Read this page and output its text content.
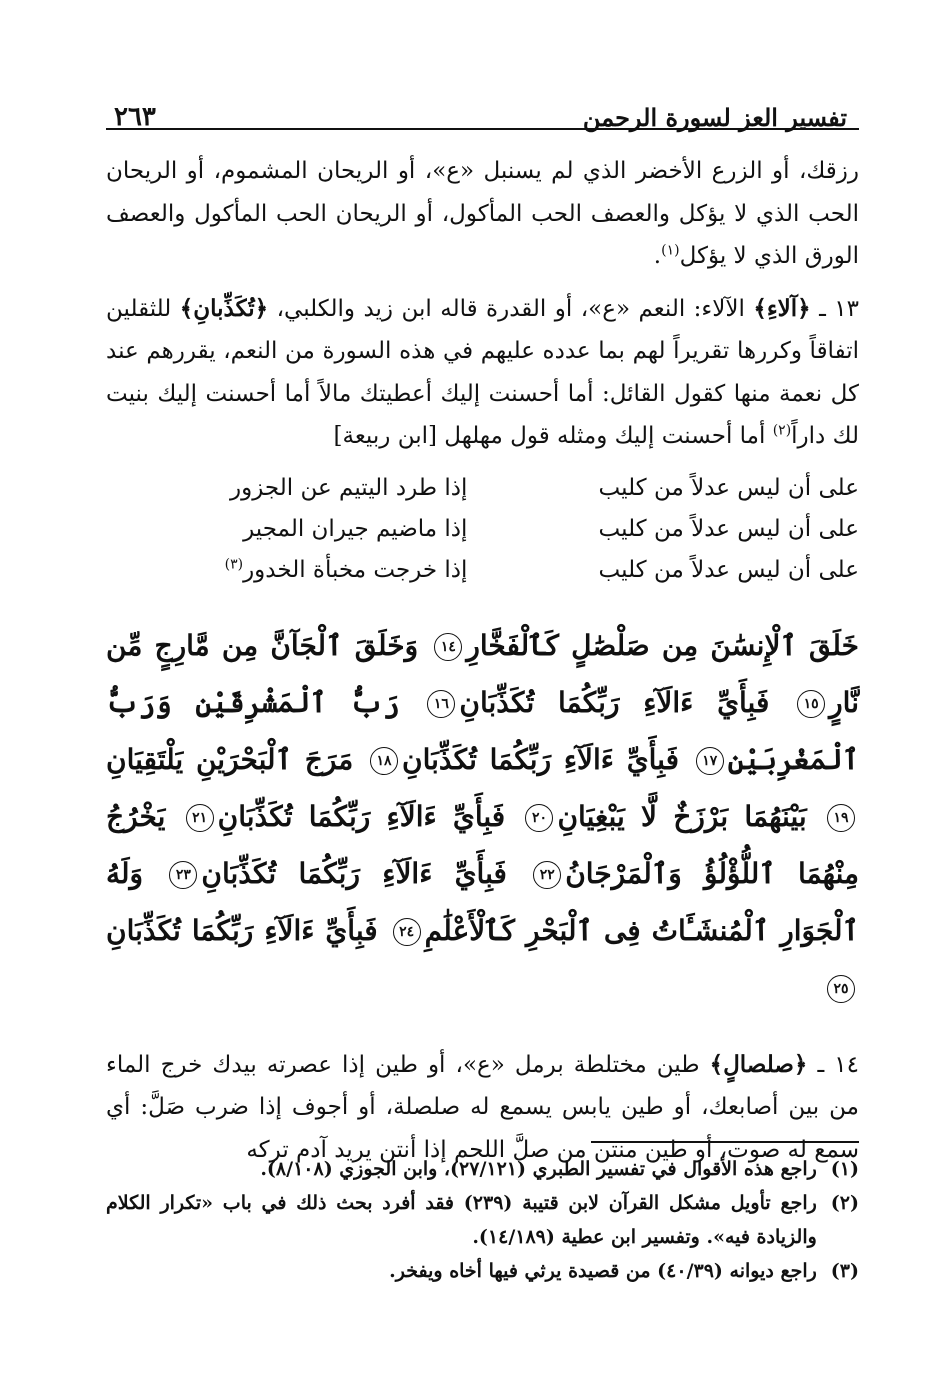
٢٦٣	تفسير العز لسورة الرحمن

رزقك، أو الزرع الأخضر الذي لم يسنبل «ع»، أو الريحان المشموم، أو الريحان الحب الذي لا يؤكل والعصف الحب المأكول، أو الريحان الحب المأكول والعصف الورق الذي لا يؤكل$^{(١)}$.

١٣ ـ ﴿آلاءِ﴾ الآلاء: النعم «ع»، أو القدرة قاله ابن زيد والكلبي، ﴿تُكَذِّبانِ﴾ للثقلين اتفاقاً وكررها تقريراً لهم بما عدده عليهم في هذه السورة من النعم، يقررهم عند كل نعمة منها كقول القائل: أما أحسنت إليك أعطيتك مالاً أما أحسنت إليك بنيت لك داراً$^{(٢)}$ أما أحسنت إليك ومثله قول مهلهل [ابن ربيعة]

على أن ليس عدلاً من كليب
إذا طرد اليتيم عن الجزور
على أن ليس عدلاً من كليب
إذا ماضيم جيران المجير
على أن ليس عدلاً من كليب
إذا خرجت مخبأة الخدور$^{(٣)}$

خَلَقَ ٱلْإِنسَٰنَ مِن صَلْصَٰلٍ كَٱلْفَخَّارِ١٤ وَخَلَقَ ٱلْجَآنَّ مِن مَّارِجٍ مِّن نَّارٍ١٥ فَبِأَيِّ ءَالَآءِ رَبِّكُمَا تُكَذِّبَانِ١٦ رَبُّ ٱلْمَشْرِقَيْنِ وَرَبُّ ٱلْمَغْرِبَيْنِ١٧ فَبِأَيِّ ءَالَآءِ رَبِّكُمَا تُكَذِّبَانِ١٨ مَرَجَ ٱلْبَحْرَيْنِ يَلْتَقِيَانِ١٩ بَيْنَهُمَا بَرْزَخٌ لَّا يَبْغِيَانِ٢٠ فَبِأَيِّ ءَالَآءِ رَبِّكُمَا تُكَذِّبَانِ٢١ يَخْرُجُ مِنْهُمَا ٱللُّؤْلُؤُ وَٱلْمَرْجَانُ٢٢ فَبِأَيِّ ءَالَآءِ رَبِّكُمَا تُكَذِّبَانِ٢٣ وَلَهُ ٱلْجَوَارِ ٱلْمُنشَـَٔاتُ فِى ٱلْبَحْرِ كَٱلْأَعْلَٰمِ٢٤ فَبِأَيِّ ءَالَآءِ رَبِّكُمَا تُكَذِّبَانِ٢٥

١٤ ـ ﴿صلصالٍ﴾ طين مختلطة برمل «ع»، أو طين إذا عصرته بيدك خرج الماء من بين أصابعك، أو طين يابس يسمع له صلصلة، أو أجوف إذا ضرب صَلَّ: أي سمع له صوت، أو طين منتن من صلَّ اللحم إذا أنتن يريد آدم تركه

(١)
راجع هذه الأقوال في تفسير الطبري (٢٧/١٢١)، وابن الجوزي (٨/١٠٨).
(٢)
راجع تأويل مشكل القرآن لابن قتيبة (٢٣٩) فقد أفرد بحث ذلك في باب «تكرار الكلام والزيادة فيه». وتفسير ابن عطية (١٤/١٨٩).
(٣)
راجع ديوانه (٤٠/٣٩) من قصيدة يرثي فيها أخاه ويفخر.
